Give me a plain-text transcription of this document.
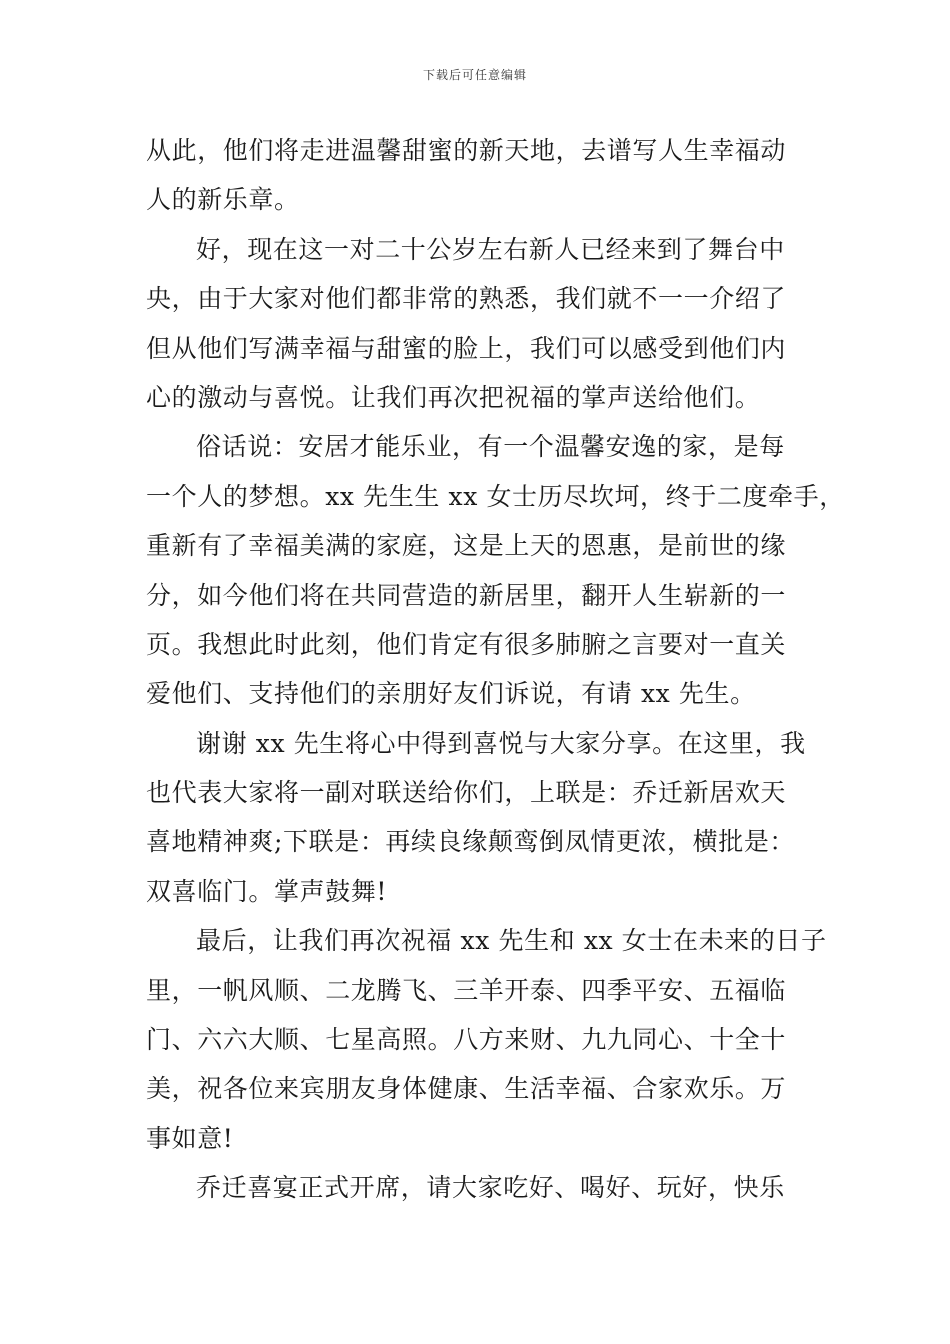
下载后可任意编辑
从此，他们将走进温馨甜蜜的新天地，去谱写人生幸福动
人的新乐章。
好，现在这一对二十公岁左右新人已经来到了舞台中
央，由于大家对他们都非常的熟悉，我们就不一一介绍了
但从他们写满幸福与甜蜜的脸上，我们可以感受到他们内
心的激动与喜悦。让我们再次把祝福的掌声送给他们。
俗话说：安居才能乐业，有一个温馨安逸的家，是每
一个人的梦想。xx 先生生 xx 女士历尽坎坷，终于二度牵手，
重新有了幸福美满的家庭，这是上天的恩惠，是前世的缘
分，如今他们将在共同营造的新居里，翻开人生崭新的一
页。我想此时此刻，他们肯定有很多肺腑之言要对一直关
爱他们、支持他们的亲朋好友们诉说，有请 xx 先生。
谢谢 xx 先生将心中得到喜悦与大家分享。在这里，我
也代表大家将一副对联送给你们，上联是：乔迁新居欢天
喜地精神爽;下联是：再续良缘颠鸾倒凤情更浓，横批是：
双喜临门。掌声鼓舞!
最后，让我们再次祝福 xx 先生和 xx 女士在未来的日子
里，一帆风顺、二龙腾飞、三羊开泰、四季平安、五福临
门、六六大顺、七星高照。八方来财、九九同心、十全十
美，祝各位来宾朋友身体健康、生活幸福、合家欢乐。万
事如意!
乔迁喜宴正式开席，请大家吃好、喝好、玩好，快乐
